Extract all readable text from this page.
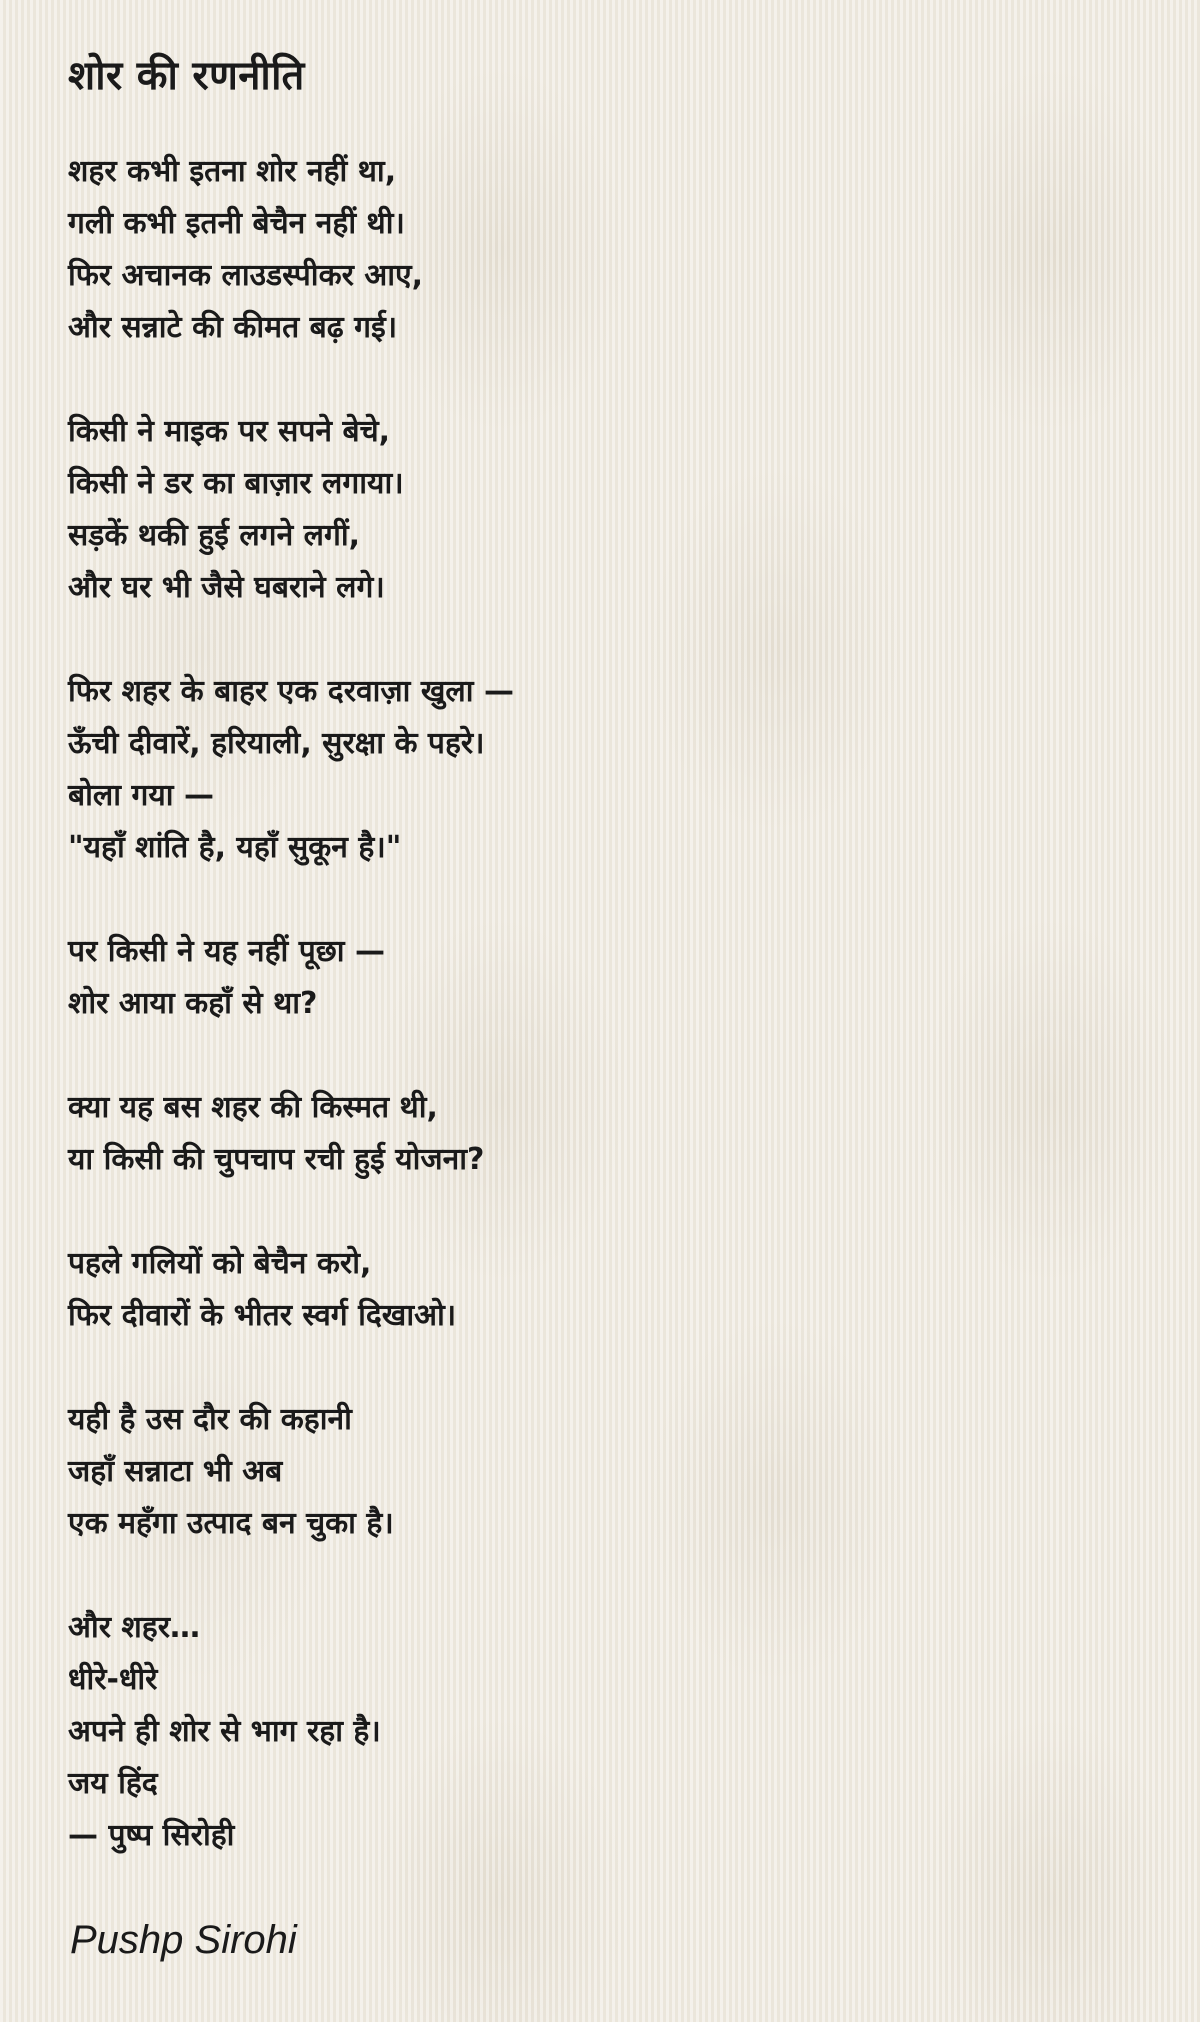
शोर की रणनीति
शहर कभी इतना शोर नहीं था,
गली कभी इतनी बेचैन नहीं थी।
फिर अचानक लाउडस्पीकर आए,
और सन्नाटे की कीमत बढ़ गई।
किसी ने माइक पर सपने बेचे,
किसी ने डर का बाज़ार लगाया।
सड़कें थकी हुई लगने लगीं,
और घर भी जैसे घबराने लगे।
फिर शहर के बाहर एक दरवाज़ा खुला —
ऊँची दीवारें, हरियाली, सुरक्षा के पहरे।
बोला गया —
"यहाँ शांति है, यहाँ सुकून है।"
पर किसी ने यह नहीं पूछा —
शोर आया कहाँ से था?
क्या यह बस शहर की किस्मत थी,
या किसी की चुपचाप रची हुई योजना?
पहले गलियों को बेचैन करो,
फिर दीवारों के भीतर स्वर्ग दिखाओ।
यही है उस दौर की कहानी
जहाँ सन्नाटा भी अब
एक महँगा उत्पाद बन चुका है।
और शहर…
धीरे-धीरे
अपने ही शोर से भाग रहा है।
जय हिंद
— पुष्प सिरोही
Pushp Sirohi
